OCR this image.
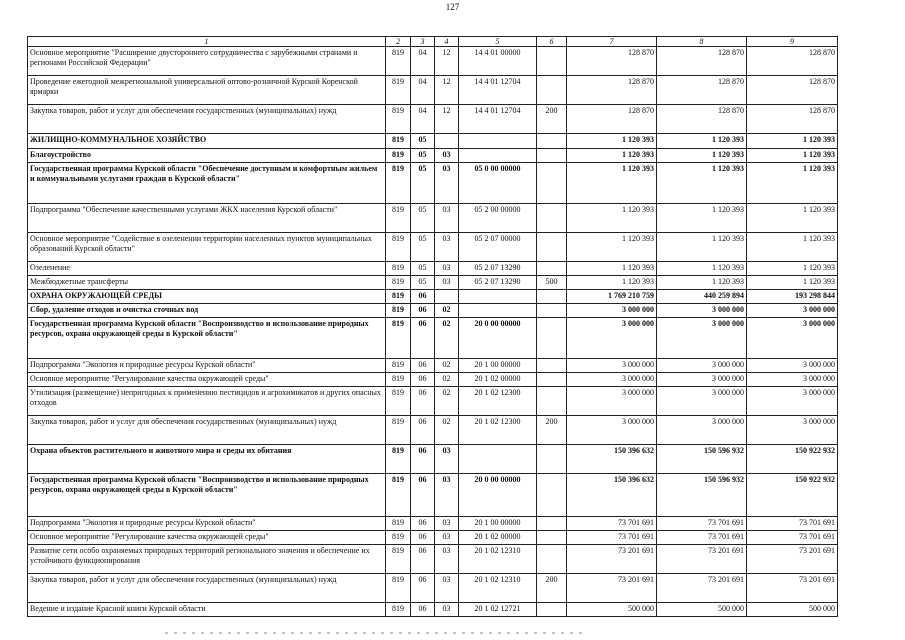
127
1	2	3	4	5	6	7	8	9
Основное мероприятие "Расширение двустороннего сотрудничества с зарубежными странами и регионами Российской Федерации"	819	04	12	14 4 01 00000		128 870	128 870	128 870
Проведение ежегодной межрегиональной универсальной оптово-розничной Курской Коренской ярмарки	819	04	12	14 4 01 12704		128 870	128 870	128 870
Закупка товаров, работ и услуг для обеспечения государственных (муниципальных) нужд	819	04	12	14 4 01 12704	200	128 870	128 870	128 870
ЖИЛИЩНО-КОММУНАЛЬНОЕ ХОЗЯЙСТВО	819	05				1 120 393	1 120 393	1 120 393
Благоустройство	819	05	03			1 120 393	1 120 393	1 120 393
Государственная программа Курской области "Обеспечение доступным и комфортным жильем и коммунальными услугами граждан в Курской области"	819	05	03	05 0 00 00000		1 120 393	1 120 393	1 120 393
Подпрограмма "Обеспечение качественными услугами ЖКХ населения Курской области"	819	05	03	05 2 00 00000		1 120 393	1 120 393	1 120 393
Основное мероприятие "Содействие в озеленении территории населенных пунктов муниципальных образований Курской области"	819	05	03	05 2 07 00000		1 120 393	1 120 393	1 120 393
Озеленение	819	05	03	05 2 07 13290		1 120 393	1 120 393	1 120 393
Межбюджетные трансферты	819	05	03	05 2 07 13290	500	1 120 393	1 120 393	1 120 393
ОХРАНА ОКРУЖАЮЩЕЙ СРЕДЫ	819	06				1 769 210 759	440 259 894	193 298 844
Сбор, удаление отходов и очистка сточных вод	819	06	02			3 000 000	3 000 000	3 000 000
Государственная программа Курской области "Воспроизводство и использование природных ресурсов, охрана окружающей среды в Курской области"	819	06	02	20 0 00 00000		3 000 000	3 000 000	3 000 000
Подпрограмма "Экология и природные ресурсы Курской области"	819	06	02	20 1 00 00000		3 000 000	3 000 000	3 000 000
Основное мероприятие "Регулирование качества окружающей среды"	819	06	02	20 1 02 00000		3 000 000	3 000 000	3 000 000
Утилизация (размещение) непригодных к применению пестицидов и агрохимикатов и других опасных отходов	819	06	02	20 1 02 12300		3 000 000	3 000 000	3 000 000
Закупка товаров, работ и услуг для обеспечения государственных (муниципальных) нужд	819	06	02	20 1 02 12300	200	3 000 000	3 000 000	3 000 000
Охрана объектов растительного и животного мира и среды их обитания	819	06	03			150 396 632	150 596 932	150 922 932
Государственная программа Курской области "Воспроизводство и использование природных ресурсов, охрана окружающей среды в Курской области"	819	06	03	20 0 00 00000		150 396 632	150 596 932	150 922 932
Подпрограмма "Экология и природные ресурсы Курской области"	819	06	03	20 1 00 00000		73 701 691	73 701 691	73 701 691
Основное мероприятие "Регулирование качества окружающей среды"	819	06	03	20 1 02 00000		73 701 691	73 701 691	73 701 691
Развитие сети особо охраняемых природных территорий регионального значения и обеспечение их устойчивого функционирования	819	06	03	20 1 02 12310		73 201 691	73 201 691	73 201 691
Закупка товаров, работ и услуг для обеспечения государственных (муниципальных) нужд	819	06	03	20 1 02 12310	200	73 201 691	73 201 691	73 201 691
Ведение и издание Красной книги Курской области	819	06	03	20 1 02 12721		500 000	500 000	500 000
